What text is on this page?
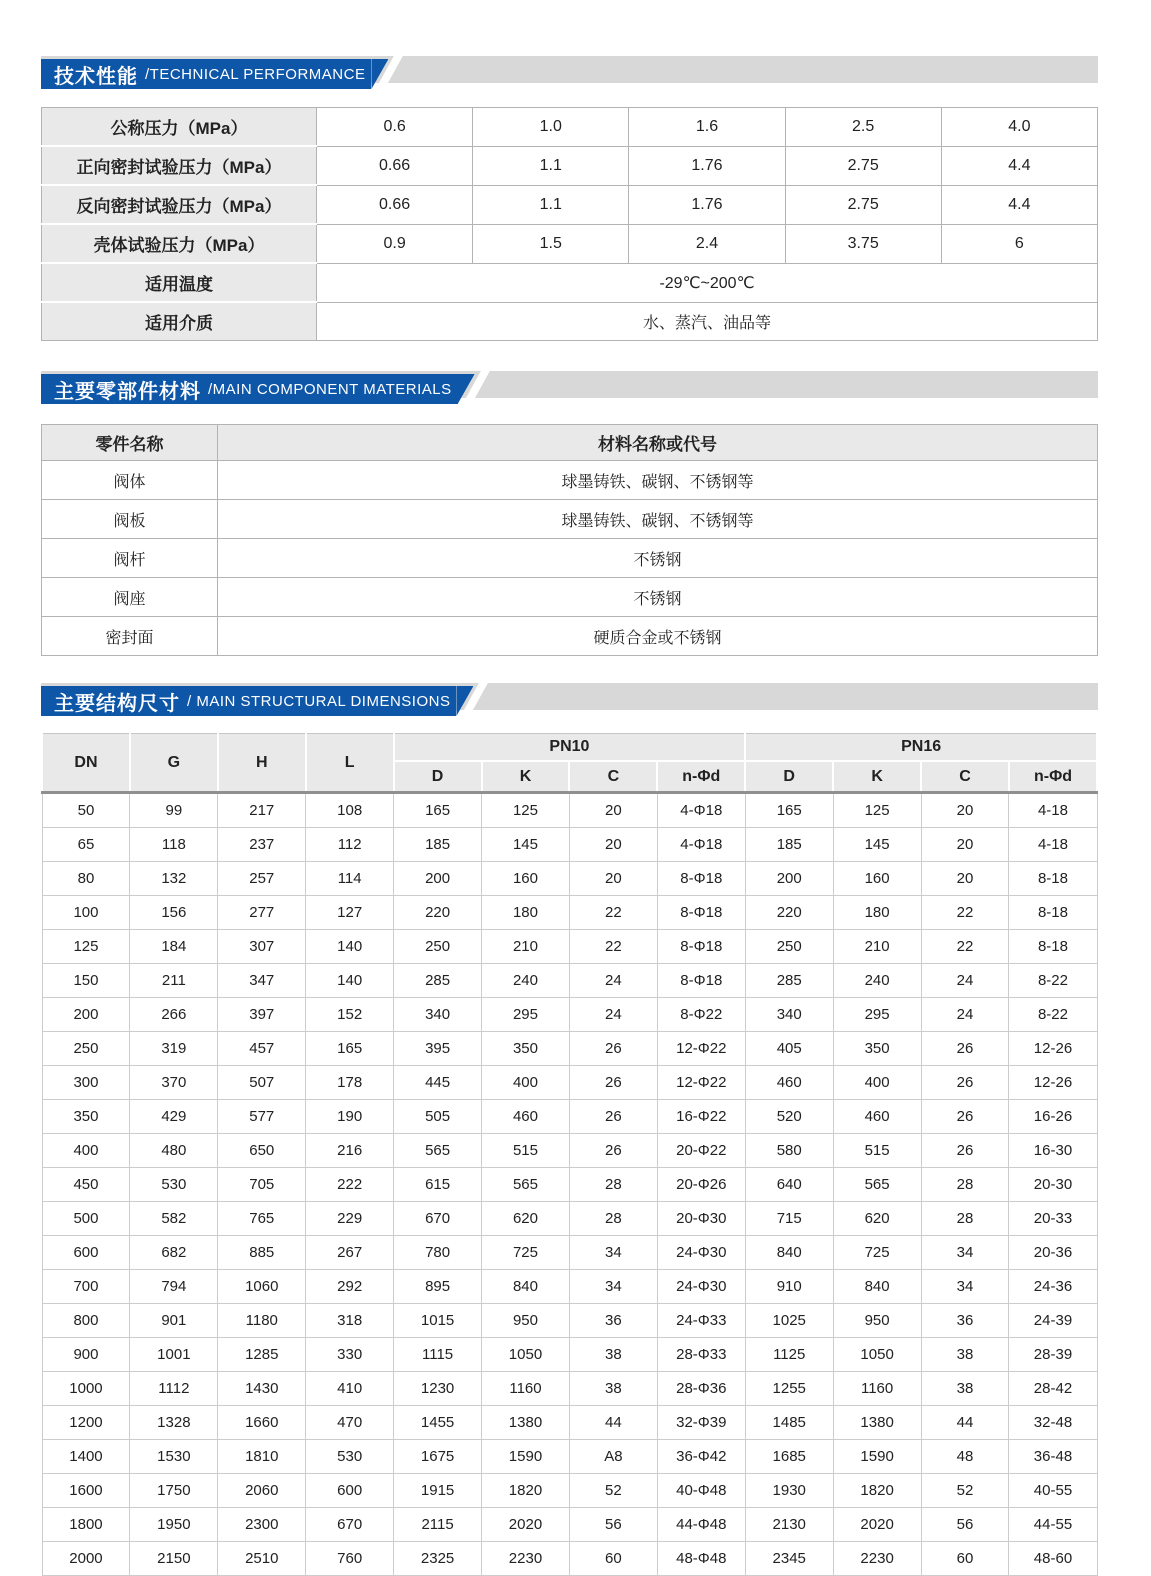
技术性能 /TECHNICAL PERFORMANCE
公称压力（MPa）	0.6	1.0	1.6	2.5	4.0
正向密封试验压力（MPa）	0.66	1.1	1.76	2.75	4.4
反向密封试验压力（MPa）	0.66	1.1	1.76	2.75	4.4
壳体试验压力（MPa）	0.9	1.5	2.4	3.75	6
适用温度	-29℃~200℃				
适用介质	水、蒸汽、油品等				
主要零部件材料 /MAIN COMPONENT MATERIALS
零件名称	材料名称或代号
阀体	球墨铸铁、碳钢、不锈钢等
阀板	球墨铸铁、碳钢、不锈钢等
阀杆	不锈钢
阀座	不锈钢
密封面	硬质合金或不锈钢
主要结构尺寸 / MAIN STRUCTURAL DIMENSIONS
DN	G	H	L	PN10				PN16			
				D	K	C	n-Φd	D	K	C	n-Φd
50	99	217	108	165	125	20	4-Φ18	165	125	20	4-18
65	118	237	112	185	145	20	4-Φ18	185	145	20	4-18
80	132	257	114	200	160	20	8-Φ18	200	160	20	8-18
100	156	277	127	220	180	22	8-Φ18	220	180	22	8-18
125	184	307	140	250	210	22	8-Φ18	250	210	22	8-18
150	211	347	140	285	240	24	8-Φ18	285	240	24	8-22
200	266	397	152	340	295	24	8-Φ22	340	295	24	8-22
250	319	457	165	395	350	26	12-Φ22	405	350	26	12-26
300	370	507	178	445	400	26	12-Φ22	460	400	26	12-26
350	429	577	190	505	460	26	16-Φ22	520	460	26	16-26
400	480	650	216	565	515	26	20-Φ22	580	515	26	16-30
450	530	705	222	615	565	28	20-Φ26	640	565	28	20-30
500	582	765	229	670	620	28	20-Φ30	715	620	28	20-33
600	682	885	267	780	725	34	24-Φ30	840	725	34	20-36
700	794	1060	292	895	840	34	24-Φ30	910	840	34	24-36
800	901	1180	318	1015	950	36	24-Φ33	1025	950	36	24-39
900	1001	1285	330	1115	1050	38	28-Φ33	1125	1050	38	28-39
1000	1112	1430	410	1230	1160	38	28-Φ36	1255	1160	38	28-42
1200	1328	1660	470	1455	1380	44	32-Φ39	1485	1380	44	32-48
1400	1530	1810	530	1675	1590	A8	36-Φ42	1685	1590	48	36-48
1600	1750	2060	600	1915	1820	52	40-Φ48	1930	1820	52	40-55
1800	1950	2300	670	2115	2020	56	44-Φ48	2130	2020	56	44-55
2000	2150	2510	760	2325	2230	60	48-Φ48	2345	2230	60	48-60
